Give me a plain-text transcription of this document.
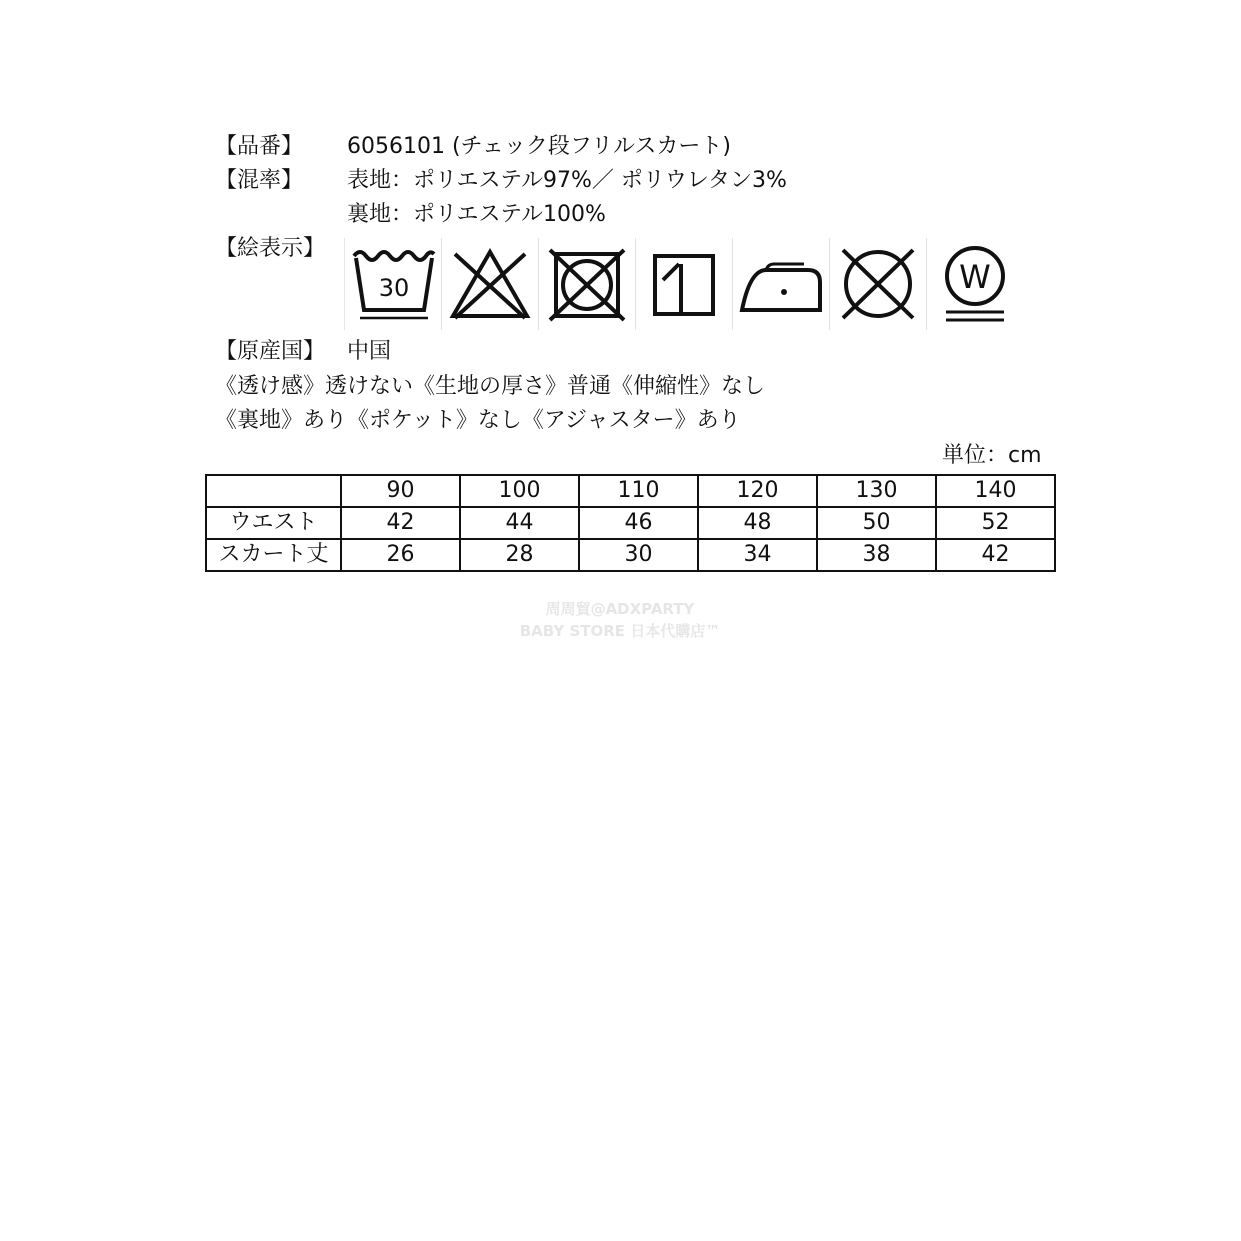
【品番】 6056101 (チェック段フリルスカート)
【混率】 表地：ポリエステル97%／ ポリウレタン3%
裏地：ポリエステル100%
【絵表示】
30	W
【原産国】 中国
《透け感》透けない《生地の厚さ》普通《伸縮性》なし
《裏地》あり《ポケット》なし《アジャスター》あり
単位：cm
	90	100	110	120	130	140
ウエスト	42	44	46	48	50	52
スカート丈	26	28	30	34	38	42
周周貿@ADXPARTY
BABY STORE 日本代購店™
